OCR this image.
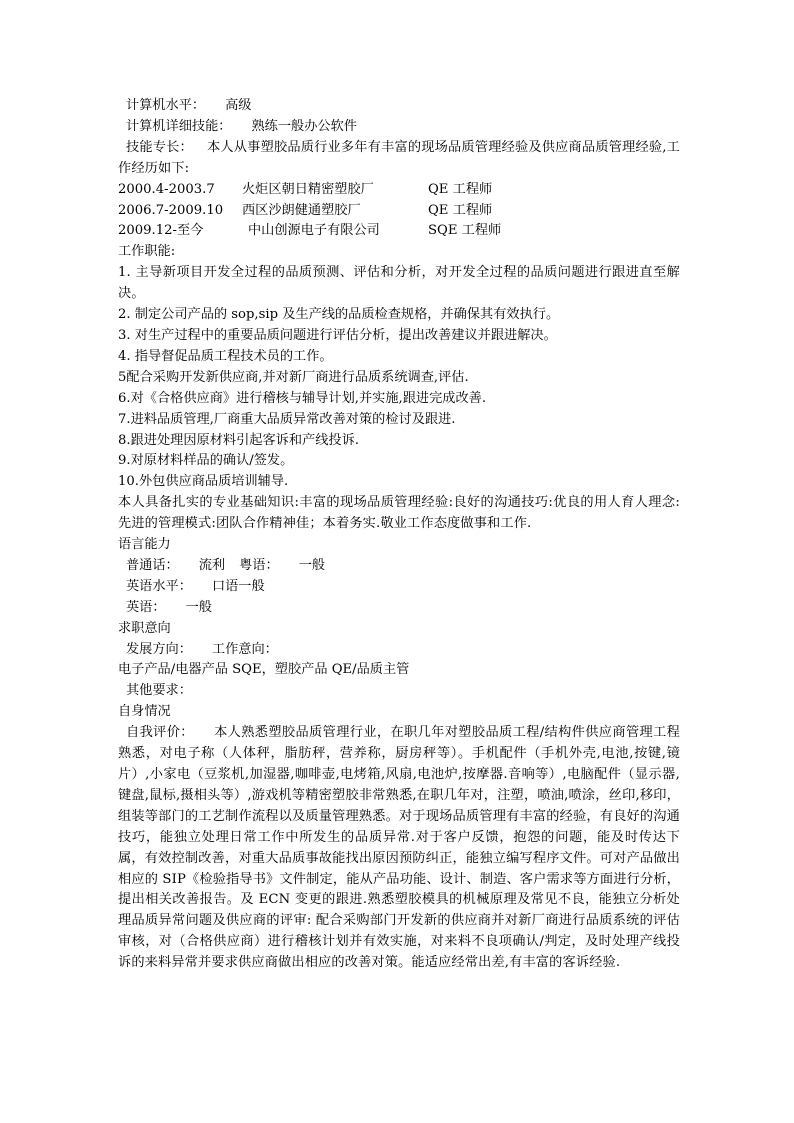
计算机水平： 高级
计算机详细技能： 熟练一般办公软件
技能专长： 本人从事塑胶品质行业多年有丰富的现场品质管理经验及供应商品质管理经验,工作经历如下:
2000.4-2003.7 火炬区朝日精密塑胶厂	QE 工程师
2006.7-2009.10 西区沙朗健通塑胶厂	QE 工程师
2009.12-至今	中山创源电子有限公司	SQE 工程师
工作职能:
1. 主导新项目开发全过程的品质预测、评估和分析，对开发全过程的品质问题进行跟进直至解决。
2. 制定公司产品的 sop,sip 及生产线的品质检查规格，并确保其有效执行。
3. 对生产过程中的重要品质问题进行评估分析，提出改善建议并跟进解决。
4. 指导督促品质工程技术员的工作。
5配合采购开发新供应商,并对新厂商进行品质系统调查,评估.
6.对《合格供应商》进行稽核与辅导计划,并实施,跟进完成改善.
7.进料品质管理,厂商重大品质异常改善对策的检讨及跟进.
8.跟进处理因原材料引起客诉和产线投诉.
9.对原材料样品的确认/签发。
10.外包供应商品质培训辅导.
本人具备扎实的专业基础知识:丰富的现场品质管理经验:良好的沟通技巧:优良的用人育人理念:先进的管理模式:团队合作精神佳；本着务实.敬业工作态度做事和工作.
语言能力
普通话： 流利 粤语： 一般
英语水平： 口语一般
英语： 一般
求职意向
发展方向： 工作意向：
电子产品/电器产品 SQE，塑胶产品 QE/品质主管
其他要求：
自身情况
自我评价： 本人熟悉塑胶品质管理行业，在职几年对塑胶品质工程/结构件供应商管理工程熟悉，对电子称（人体秤，脂肪秤，营养称，厨房秤等）。手机配件（手机外壳,电池,按键,镜片）,小家电（豆浆机,加湿器,咖啡壶,电烤箱,风扇,电池炉,按摩器.音响等）,电脑配件（显示器,键盘,鼠标,摄相头等）,游戏机等精密塑胶非常熟悉,在职几年对，注塑，喷油,喷涂，丝印,移印，组装等部门的工艺制作流程以及质量管理熟悉。对于现场品质管理有丰富的经验，有良好的沟通技巧，能独立处理日常工作中所发生的品质异常.对于客户反馈，抱怨的问题，能及时传达下属，有效控制改善，对重大品质事故能找出原因预防纠正，能独立编写程序文件。可对产品做出相应的 SIP《检验指导书》文件制定，能从产品功能、设计、制造、客户需求等方面进行分析，提出相关改善报告。及 ECN 变更的跟进.熟悉塑胶模具的机械原理及常见不良，能独立分析处理品质异常问题及供应商的评审: 配合采购部门开发新的供应商并对新厂商进行品质系统的评估审核，对（合格供应商）进行稽核计划并有效实施，对来料不良项确认/判定，及时处理产线投诉的来料异常并要求供应商做出相应的改善对策。能适应经常出差,有丰富的客诉经验.
